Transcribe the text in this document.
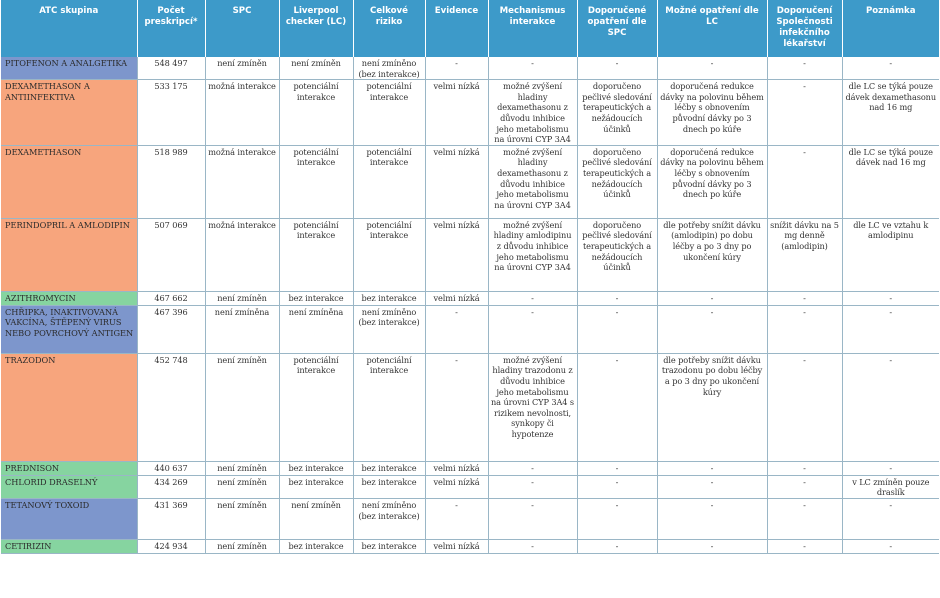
ATC skupina	Počet preskripcí*	SPC	Liverpool checker (LC)	Celkové riziko	Evidence	Mechanismus interakce	Doporučené opatření dle SPC	Možné opatření dle LC	Doporučení Společnosti infekčního lékařství	Poznámka
PITOFENON A ANALGETIKA	548 497	není zmíněn	není zmíněn	není zmíněno (bez interakce)	-	-	-	-	-	-
DEXAMETHASON A ANTIINFEKTIVA	533 175	možná interakce	potenciální interakce	potenciální interakce	velmi nízká	možné zvýšení hladiny dexamethasonu z důvodu inhibice jeho metabolismu na úrovni CYP 3A4	doporučeno pečlivé sledování terapeutických a nežádoucích účinků	doporučená redukce dávky na polovinu během léčby s obnovením původní dávky po 3 dnech po kúře	-	dle LC se týká pouze dávek dexamethasonu nad 16 mg
DEXAMETHASON	518 989	možná interakce	potenciální interakce	potenciální interakce	velmi nízká	možné zvýšení hladiny dexamethasonu z důvodu inhibice jeho metabolismu na úrovni CYP 3A4	doporučeno pečlivé sledování terapeutických a nežádoucích účinků	doporučená redukce dávky na polovinu během léčby s obnovením původní dávky po 3 dnech po kúře	-	dle LC se týká pouze dávek nad 16 mg
PERINDOPRIL A AMLODIPIN	507 069	možná interakce	potenciální interakce	potenciální interakce	velmi nízká	možné zvýšení hladiny amlodipinu z důvodu inhibice jeho metabolismu na úrovni CYP 3A4	doporučeno pečlivé sledování terapeutických a nežádoucích účinků	dle potřeby snížit dávku (amlodipin) po dobu léčby a po 3 dny po ukončení kúry	snížit dávku na 5 mg denně (amlodipin)	dle LC ve vztahu k amlodipinu
AZITHROMYCIN	467 662	není zmíněn	bez interakce	bez interakce	velmi nízká	-	-	-	-	-
CHŘIPKA, INAKTIVOVANÁ VAKCÍNA, ŠTĚPENÝ VIRUS NEBO POVRCHOVÝ ANTIGEN	467 396	není zmíněna	není zmíněna	není zmíněno (bez interakce)	-	-	-	-	-	-
TRAZODON	452 748	není zmíněn	potenciální interakce	potenciální interakce	-	možné zvýšení hladiny trazodonu z důvodu inhibice jeho metabolismu na úrovni CYP 3A4 s rizikem nevolnosti, synkopy či hypotenze	-	dle potřeby snížit dávku trazodonu po dobu léčby a po 3 dny po ukončení kúry	-	-
PREDNISON	440 637	není zmíněn	bez interakce	bez interakce	velmi nízká	-	-	-	-	-
CHLORID DRASELNÝ	434 269	není zmíněn	bez interakce	bez interakce	velmi nízká	-	-	-	-	v LC zmíněn pouze draslík
TETANOVÝ TOXOID	431 369	není zmíněn	není zmíněn	není zmíněno (bez interakce)	-	-	-	-	-	-
CETIRIZIN	424 934	není zmíněn	bez interakce	bez interakce	velmi nízká	-	-	-	-	-
